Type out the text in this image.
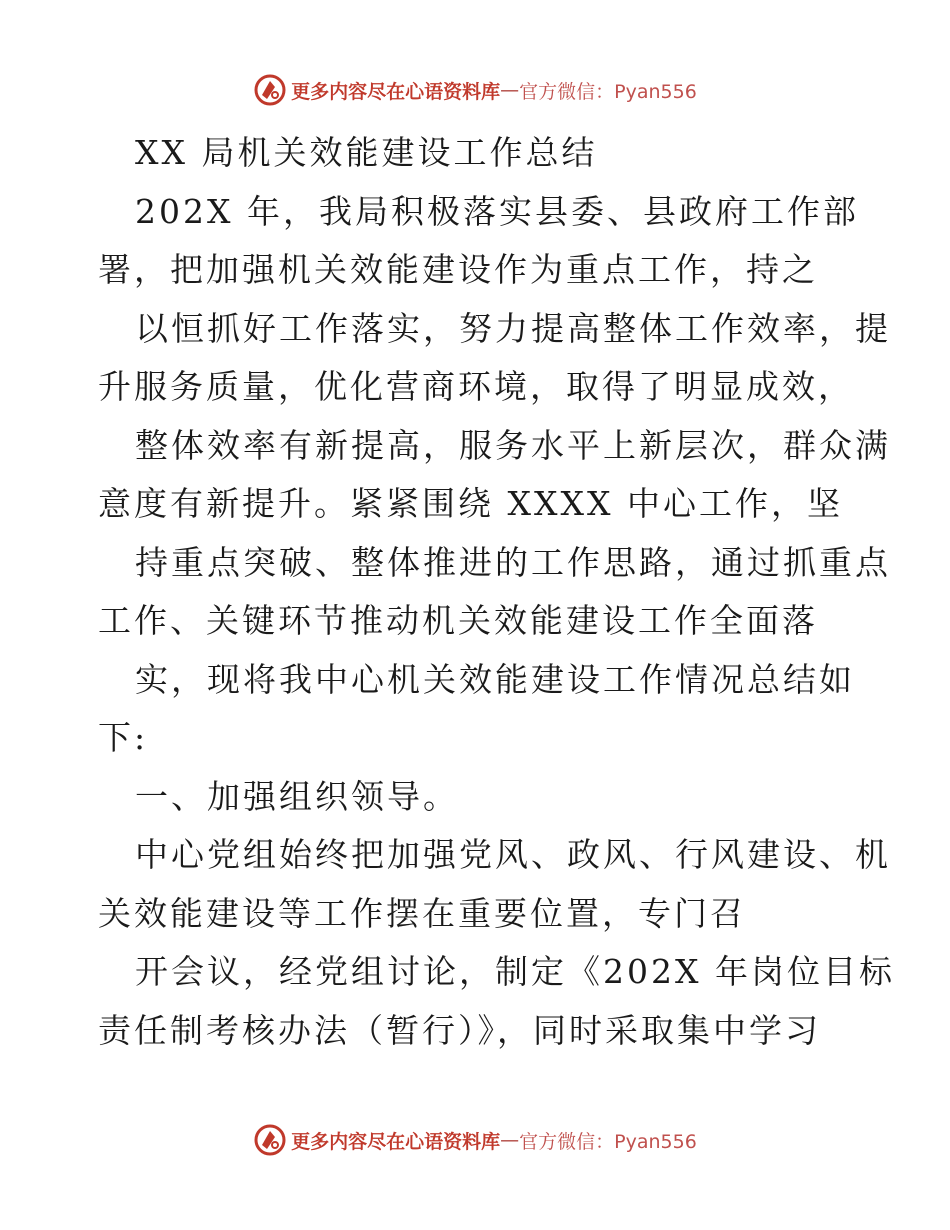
更多内容尽在心语资料库 — 官方微信：Pyan556
XX 局机关效能建设工作总结
202X 年，我局积极落实县委、县政府工作部
署，把加强机关效能建设作为重点工作，持之
以恒抓好工作落实，努力提高整体工作效率，提
升服务质量，优化营商环境，取得了明显成效，
整体效率有新提高，服务水平上新层次，群众满
意度有新提升。紧紧围绕 XXXX 中心工作，坚
持重点突破、整体推进的工作思路，通过抓重点
工作、关键环节推动机关效能建设工作全面落
实，现将我中心机关效能建设工作情况总结如
下:
一、加强组织领导。
中心党组始终把加强党风、政风、行风建设、机
关效能建设等工作摆在重要位置，专门召
开会议，经党组讨论，制定《202X 年岗位目标
责任制考核办法（暂行）》，同时采取集中学习
更多内容尽在心语资料库 — 官方微信：Pyan556
